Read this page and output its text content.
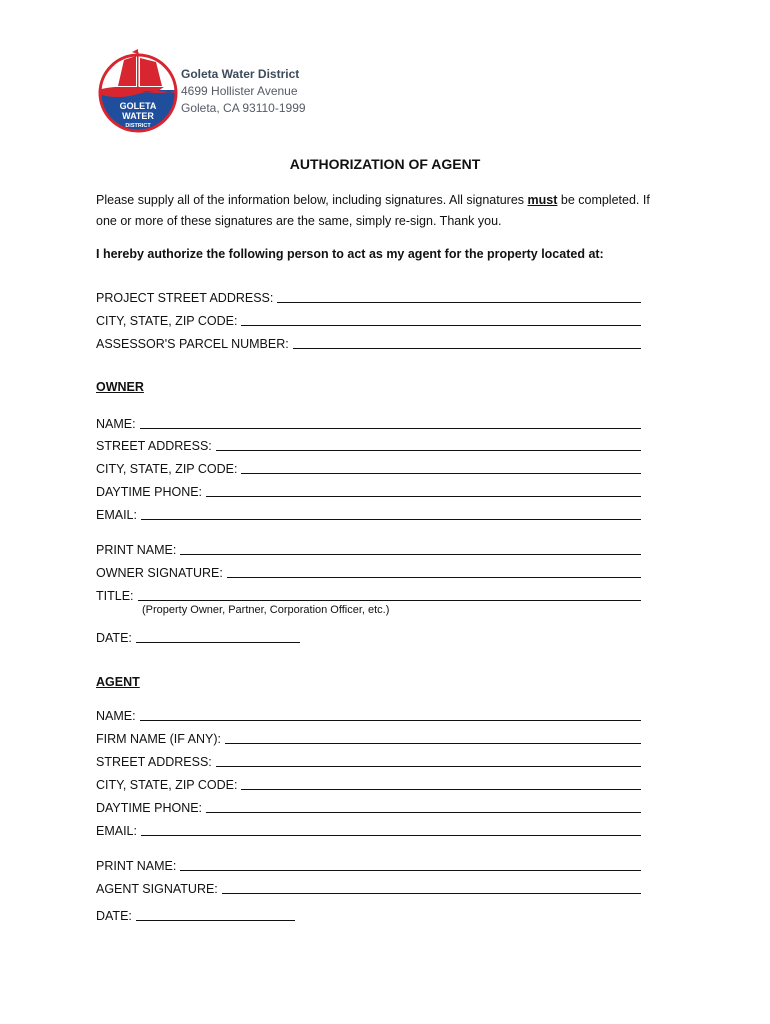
GOLETA
WATER
DISTRICT
Goleta Water District
4699 Hollister Avenue
Goleta, CA 93110-1999
AUTHORIZATION OF AGENT
Please supply all of the information below, including signatures. All signatures must be completed. If one or more of these signatures are the same, simply re-sign. Thank you.
I hereby authorize the following person to act as my agent for the property located at:
PROJECT STREET ADDRESS:
CITY, STATE, ZIP CODE:
ASSESSOR'S PARCEL NUMBER:
OWNER
NAME:
STREET ADDRESS:
CITY, STATE, ZIP CODE:
DAYTIME PHONE:
EMAIL:
PRINT NAME:
OWNER SIGNATURE:
TITLE:
(Property Owner, Partner, Corporation Officer, etc.)
DATE:
AGENT
NAME:
FIRM NAME (IF ANY):
STREET ADDRESS:
CITY, STATE, ZIP CODE:
DAYTIME PHONE:
EMAIL:
PRINT NAME:
AGENT SIGNATURE:
DATE:
